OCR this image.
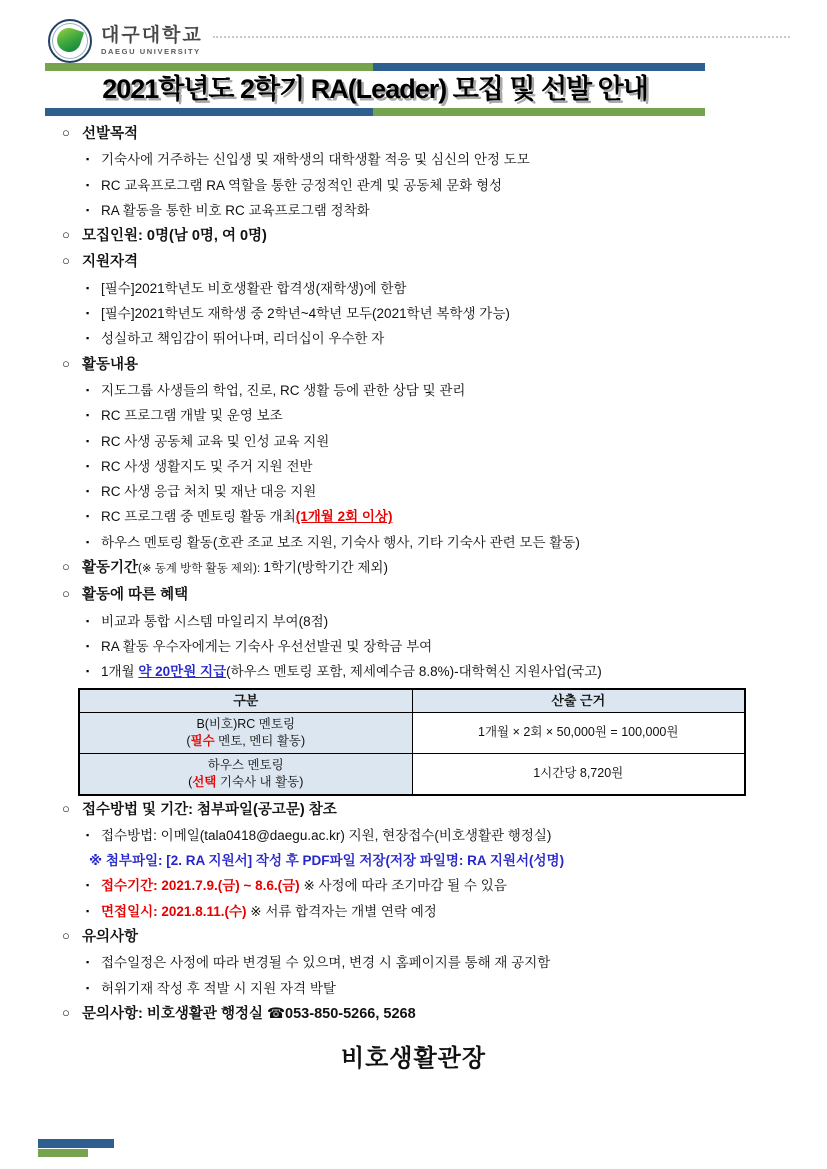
대구대학교
DAEGU UNIVERSITY
2021학년도 2학기 RA(Leader) 모집 및 선발 안내
○ 선발목적
▪ 기숙사에 거주하는 신입생 및 재학생의 대학생활 적응 및 심신의 안정 도모
▪ RC 교육프로그램 RA 역할을 통한 긍정적인 관계 및 공동체 문화 형성
▪ RA 활동을 통한 비호 RC 교육프로그램 정착화
○ 모집인원: 0명(남 0명, 여 0명)
○ 지원자격
▪ [필수]2021학년도 비호생활관 합격생(재학생)에 한함
▪ [필수]2021학년도 재학생 중 2학년~4학년 모두(2021학년 복학생 가능)
▪ 성실하고 책임감이 뛰어나며, 리더십이 우수한 자
○ 활동내용
▪ 지도그룹 사생들의 학업, 진로, RC 생활 등에 관한 상담 및 관리
▪ RC 프로그램 개발 및 운영 보조
▪ RC 사생 공동체 교육 및 인성 교육 지원
▪ RC 사생 생활지도 및 주거 지원 전반
▪ RC 사생 응급 처치 및 재난 대응 지원
▪ RC 프로그램 중 멘토링 활동 개최(1개월 2회 이상)
▪ 하우스 멘토링 활동(호관 조교 보조 지원, 기숙사 행사, 기타 기숙사 관련 모든 활동)
○ 활동기간(※ 동계 방학 활동 제외): 1학기(방학기간 제외)
○ 활동에 따른 혜택
▪ 비교과 통합 시스템 마일리지 부여(8점)
▪ RA 활동 우수자에게는 기숙사 우선선발권 및 장학금 부여
▪ 1개월 약 20만원 지급(하우스 멘토링 포함, 제세예수금 8.8%)-대학혁신 지원사업(국고)
구분	산출 근거

B(비호)RC 멘토링
(필수 멘토, 멘티 활동)	1개월 × 2회 × 50,000원 = 100,000원

하우스 멘토링
(선택 기숙사 내 활동)	1시간당 8,720원
○ 접수방법 및 기간: 첨부파일(공고문) 참조
▪ 접수방법: 이메일(tala0418@daegu.ac.kr) 지원, 현장접수(비호생활관 행정실)
※ 첨부파일: [2. RA 지원서] 작성 후 PDF파일 저장(저장 파일명: RA 지원서(성명)
▪ 접수기간: 2021.7.9.(금) ~ 8.6.(금) ※ 사정에 따라 조기마감 될 수 있음
▪ 면접일시: 2021.8.11.(수) ※ 서류 합격자는 개별 연락 예정
○ 유의사항
▪ 접수일정은 사정에 따라 변경될 수 있으며, 변경 시 홈페이지를 통해 재 공지함
▪ 허위기재 작성 후 적발 시 지원 자격 박탈
○ 문의사항: 비호생활관 행정실 ☎053-850-5266, 5268
비호생활관장
